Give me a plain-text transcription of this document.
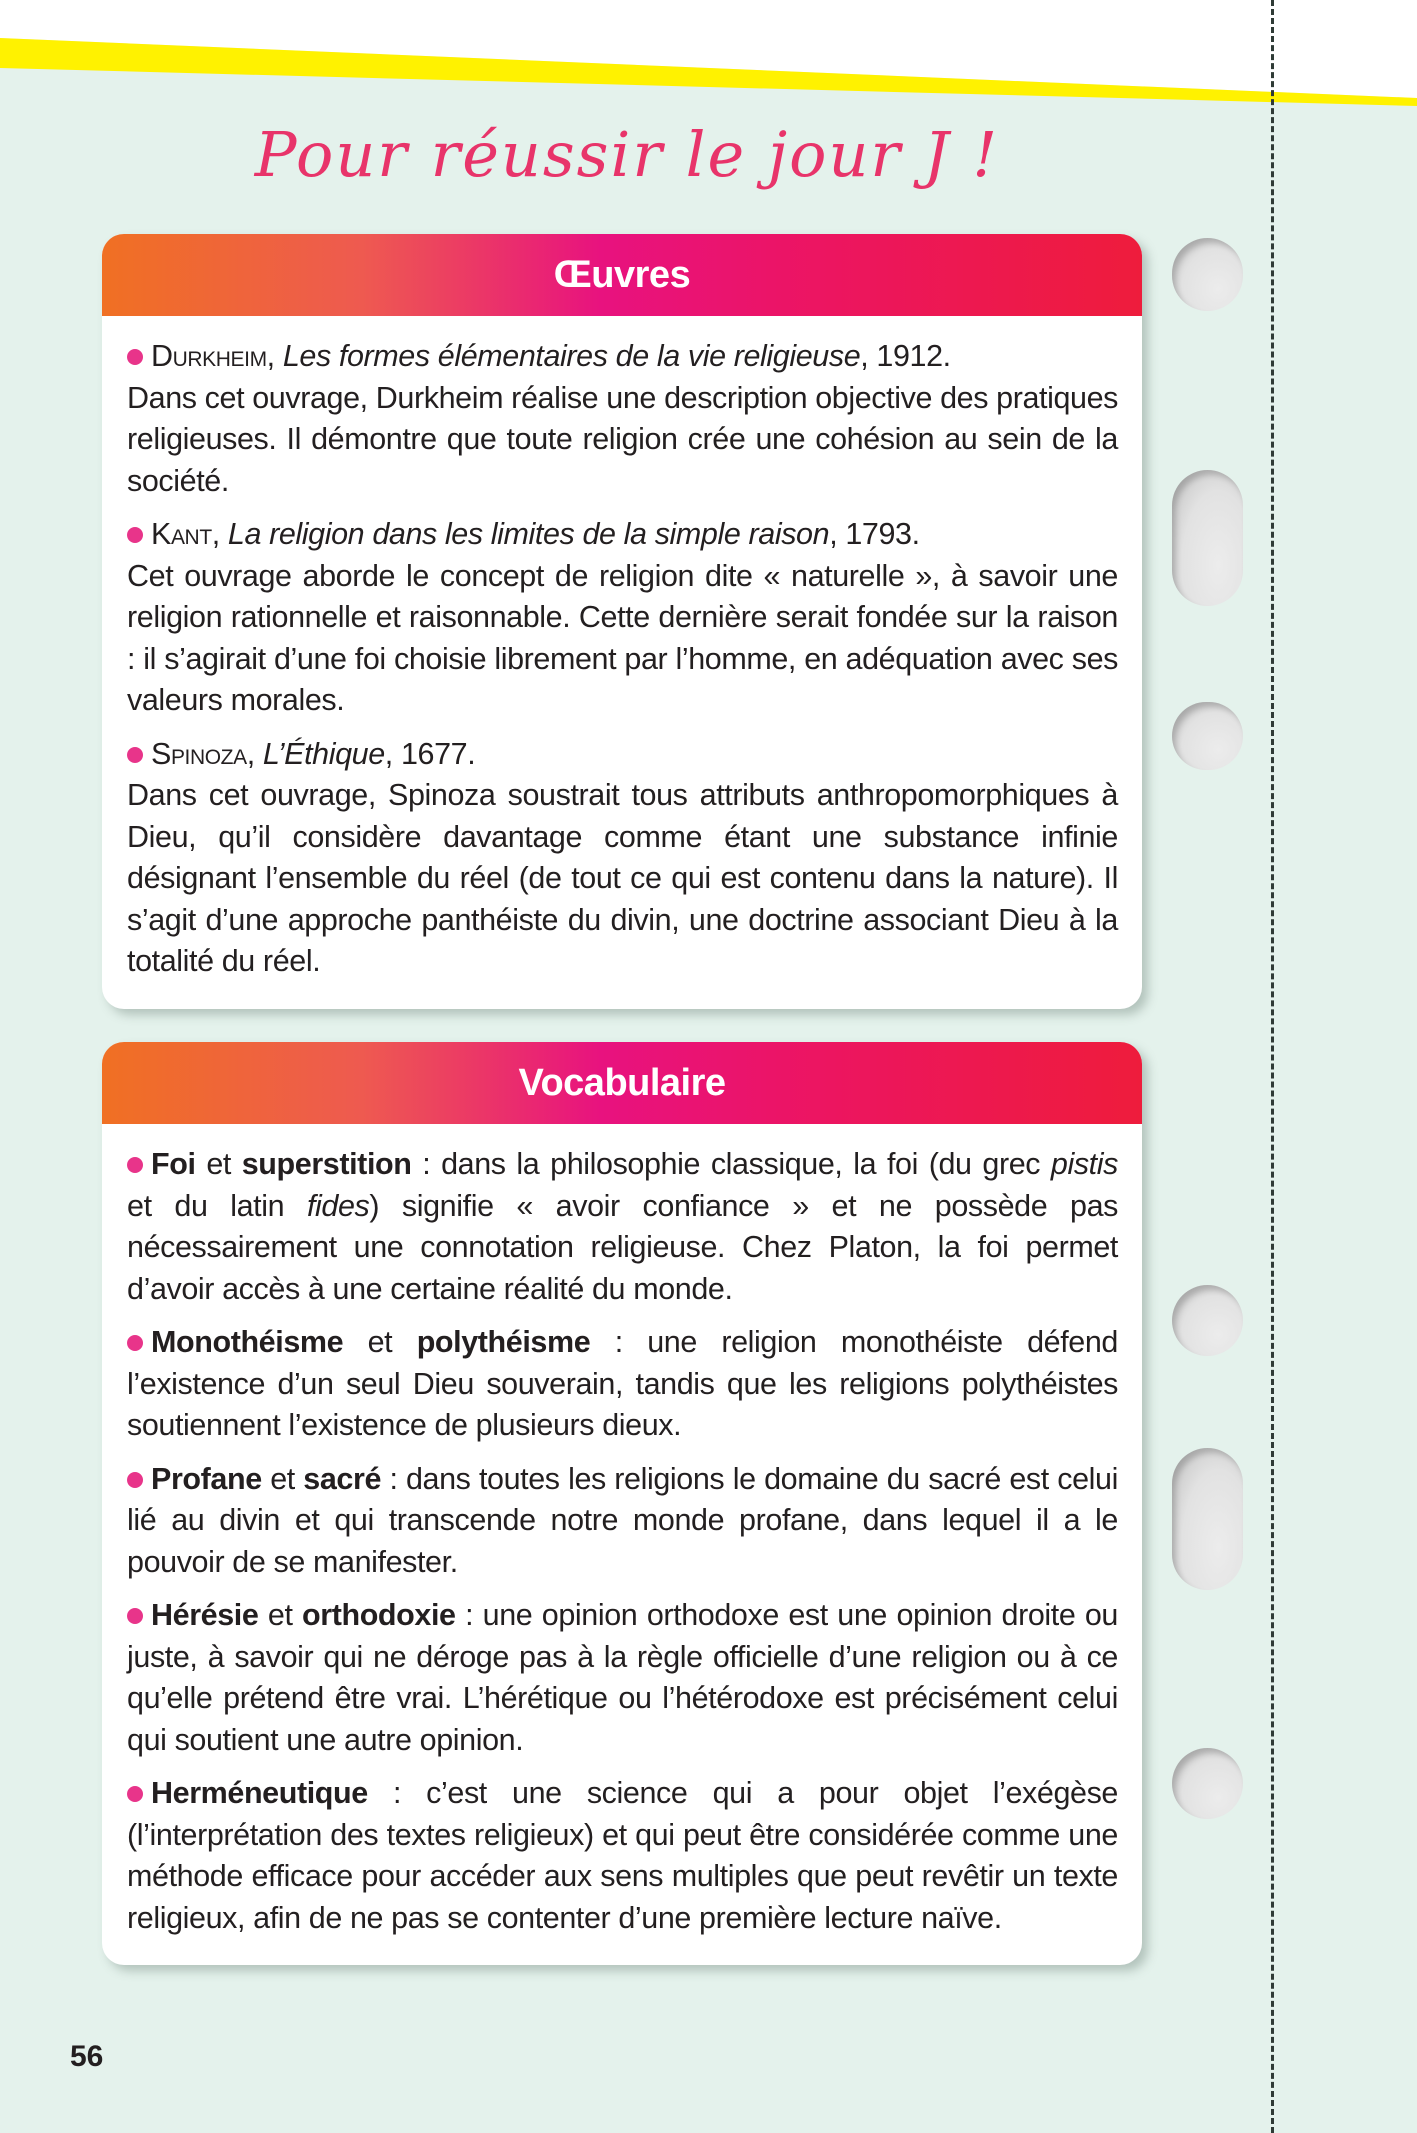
Pour réussir le jour J !
Œuvres
Durkheim, Les formes élémentaires de la vie religieuse, 1912.
Dans cet ouvrage, Durkheim réalise une description objective des pratiques religieuses. Il démontre que toute religion crée une cohésion au sein de la société.
Kant, La religion dans les limites de la simple raison, 1793.
Cet ouvrage aborde le concept de religion dite « naturelle », à savoir une religion rationnelle et raisonnable. Cette dernière serait fondée sur la raison : il s’agirait d’une foi choisie librement par l’homme, en adéquation avec ses valeurs morales.
Spinoza, L’Éthique, 1677.
Dans cet ouvrage, Spinoza soustrait tous attributs anthropomorphiques à Dieu, qu’il considère davantage comme étant une substance infinie désignant l’ensemble du réel (de tout ce qui est contenu dans la nature). Il s’agit d’une approche panthéiste du divin, une doctrine associant Dieu à la totalité du réel.
Vocabulaire
Foi et superstition : dans la philosophie classique, la foi (du grec pistis et du latin fides) signifie « avoir confiance » et ne possède pas nécessairement une connotation religieuse. Chez Platon, la foi permet d’avoir accès à une certaine réalité du monde.
Monothéisme et polythéisme : une religion monothéiste défend l’existence d’un seul Dieu souverain, tandis que les religions polythéistes soutiennent l’existence de plusieurs dieux.
Profane et sacré : dans toutes les religions le domaine du sacré est celui lié au divin et qui transcende notre monde profane, dans lequel il a le pouvoir de se manifester.
Hérésie et orthodoxie : une opinion orthodoxe est une opinion droite ou juste, à savoir qui ne déroge pas à la règle officielle d’une religion ou à ce qu’elle prétend être vrai. L’hérétique ou l’hétérodoxe est précisément celui qui soutient une autre opinion.
Herméneutique : c’est une science qui a pour objet l’exégèse (l’interprétation des textes religieux) et qui peut être considérée comme une méthode efficace pour accéder aux sens multiples que peut revêtir un texte religieux, afin de ne pas se contenter d’une première lecture naïve.
56
